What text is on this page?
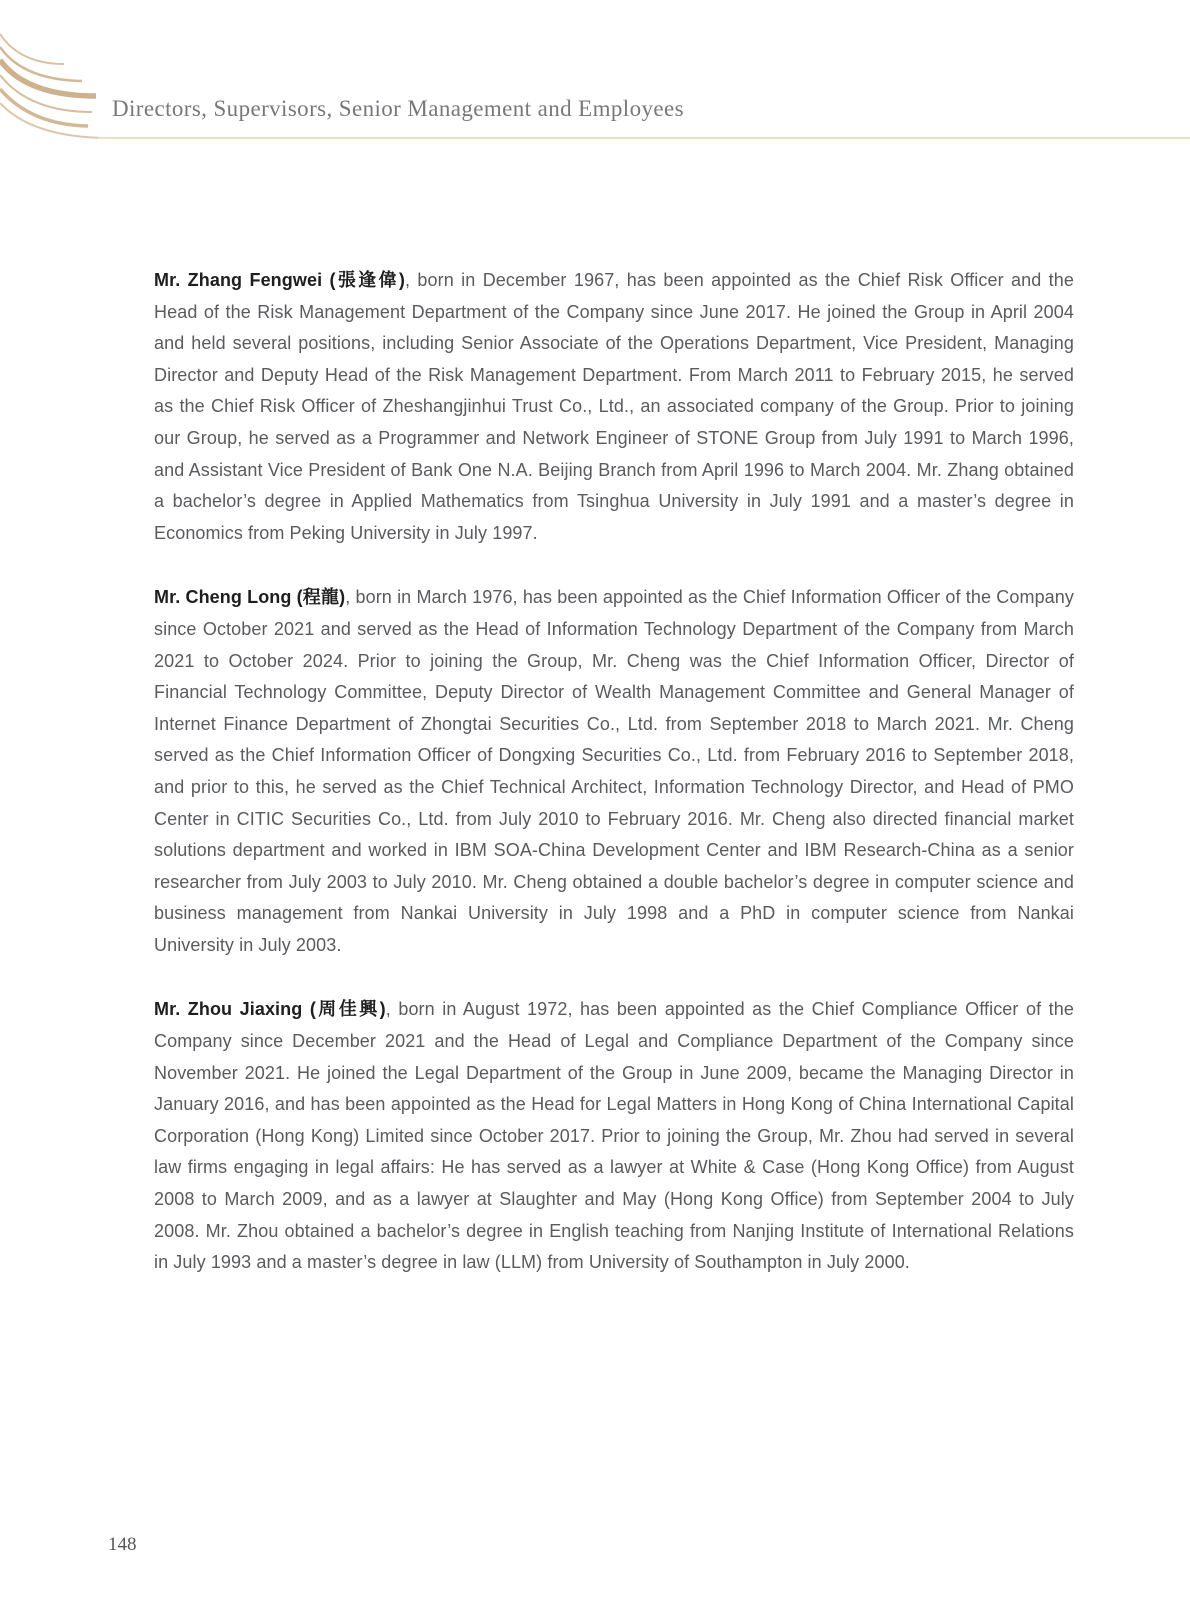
Directors, Supervisors, Senior Management and Employees

Mr. Zhang Fengwei (張逢偉), born in December 1967, has been appointed as the Chief Risk Officer and the Head of the Risk Management Department of the Company since June 2017. He joined the Group in April 2004 and held several positions, including Senior Associate of the Operations Department, Vice President, Managing Director and Deputy Head of the Risk Management Department. From March 2011 to February 2015, he served as the Chief Risk Officer of Zheshangjinhui Trust Co., Ltd., an associated company of the Group. Prior to joining our Group, he served as a Programmer and Network Engineer of STONE Group from July 1991 to March 1996, and Assistant Vice President of Bank One N.A. Beijing Branch from April 1996 to March 2004. Mr. Zhang obtained a bachelor’s degree in Applied Mathematics from Tsinghua University in July 1991 and a master’s degree in Economics from Peking University in July 1997.

Mr. Cheng Long (程龍), born in March 1976, has been appointed as the Chief Information Officer of the Company since October 2021 and served as the Head of Information Technology Department of the Company from March 2021 to October 2024. Prior to joining the Group, Mr. Cheng was the Chief Information Officer, Director of Financial Technology Committee, Deputy Director of Wealth Management Committee and General Manager of Internet Finance Department of Zhongtai Securities Co., Ltd. from September 2018 to March 2021. Mr. Cheng served as the Chief Information Officer of Dongxing Securities Co., Ltd. from February 2016 to September 2018, and prior to this, he served as the Chief Technical Architect, Information Technology Director, and Head of PMO Center in CITIC Securities Co., Ltd. from July 2010 to February 2016. Mr. Cheng also directed financial market solutions department and worked in IBM SOA-China Development Center and IBM Research-China as a senior researcher from July 2003 to July 2010. Mr. Cheng obtained a double bachelor’s degree in computer science and business management from Nankai University in July 1998 and a PhD in computer science from Nankai University in July 2003.

Mr. Zhou Jiaxing (周佳興), born in August 1972, has been appointed as the Chief Compliance Officer of the Company since December 2021 and the Head of Legal and Compliance Department of the Company since November 2021. He joined the Legal Department of the Group in June 2009, became the Managing Director in January 2016, and has been appointed as the Head for Legal Matters in Hong Kong of China International Capital Corporation (Hong Kong) Limited since October 2017. Prior to joining the Group, Mr. Zhou had served in several law firms engaging in legal affairs: He has served as a lawyer at White & Case (Hong Kong Office) from August 2008 to March 2009, and as a lawyer at Slaughter and May (Hong Kong Office) from September 2004 to July 2008. Mr. Zhou obtained a bachelor’s degree in English teaching from Nanjing Institute of International Relations in July 1993 and a master’s degree in law (LLM) from University of Southampton in July 2000.

148
